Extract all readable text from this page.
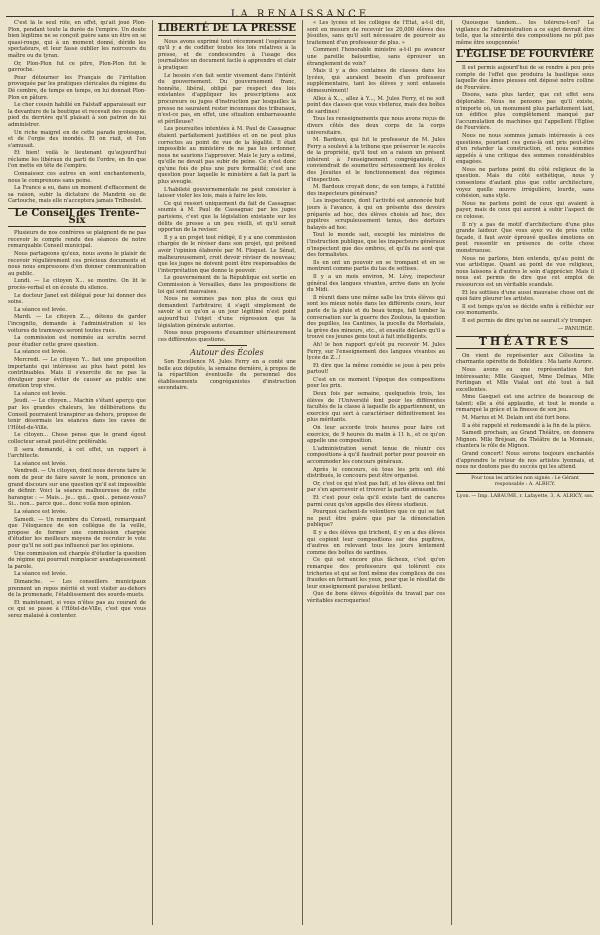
LA RENAISSANCE

C'est là le seul rôle, en effet, qu'ait joué Plon-Plon, pendant toute la durée de l'empire. Un doute bien légitime ne se conçoit guère sans un être en se quasi-rouge, qui à un moment donné, déride les spectateurs, et leur fasse oublier les noirceurs du maître ou du tyran.

Or, Plon-Plon fut ce pitre, Plon-Plon fut le gavroche.

Pour détourner les Français de l'irritation provoquée par les pratiques cléricales du régime du Dé cembre, de temps en temps, on lui donnait Plon-Plon en pâture.

Le cher cousin habillé en Falstaff apparaissait sur la devanture de la boutique et recevait des coups de pied du derrière qu'il plaisait à son patron de lui administrer.

Un riche maigrel en de cette parade grotesque, et de l'orgie des inondés. Et on riait, et l'on s'amusait.

Et bien! voilà le lieutenant qu'aujourd'hui réclame les libéraux du parti de l'ordre, en fin que l'on mette en tête de l'empire.

Connaissez ces autres en sont enchantements, nous le comprenons sans peine.

La France a eu, dans un moment d'effacement de sa raison, subir la dictature de Mandrin ou de Cartouche, mais elle n'acceptera jamais Trilboulet.

Le Conseil des Trente-Six

Plusieurs de nos confrères se plaignent de ne pas recevoir le compte rendu des séances de notre remarquable Conseil municipal.

Nous partageons qu'eux, nous avons le plaisir de recevoir régulièrement ces précieux documents et nous nous empressons d'en donner communication au public.

Lundi. — Le citoyen X... se montre. On lit le procès-verbal et on écoute du silence.

Le docteur Janet est délégué pour lui donner des soins.

La séance est levée.

Mardi. — Le citoyen Z..., détenu de garder l'incognito, demande à l'administration si les voitures de tramways seront toutes rues.

La commission est nommée au scrutin secret pour étudier cette grave question.

La séance est levée.

Mercredi. — Le citoyen Y... fait une proposition importante qui intéresse au plus haut point les contribuables. Mais il s'exercite de ne pas la divulguer pour éviter de causer au public une émotion trop vive.

La séance est levée.

Jeudi. — Le citoyen... Machin s'étant aperçu que par les grandes chaleurs, les délibérations du Conseil pourraient transpirer au dehors, propose de tenir désormais les séances dans les caves de l'Hôtel-de-Ville.

Le citoyen... Chose pense que le grand égout collecteur serait peut-être préférable.

Il sera demandé, à cet effet, un rapport à l'architecte.

La séance est levée.

Vendredi. — Un citoyen, dont nous devons taire le nom de peur de faire savoir le nom, prononce un grand discours sur une question qu'il est impossible de définir. Voici la séance malheureuse de cette harangue : — Mais... je... qui... quoi... pensez-vous? Si... non... parce que... donc voilà mon opinion.

La séance est levée.

Samedi. — Un membre du Conseil, remarquant que l'éloquence de son collègue de la veille, propose de former une commission chargée d'étudier les meilleurs moyens de recruter le vote pour qu'il ne soit pas influencé par les opinions.

Une commission est chargée d'étudier la question de régime qui pourrait remplacer avantageusement la parole.

La séance est levée.

Dimanche. — Les conseillers municipaux prennent un repos mérité et vont visiter au-dehors de la promenade, l'établissement des sourds-muets.

Et maintenant, si vous n'êtes pas au courant de ce qui se passe à l'Hôtel-de-Ville, c'est que vous serez malaisé à contenter.

LIBERTÉ DE LA PRESSE

Nous avons exprimé tout récemment l'espérance qu'il y a de codifier toutes les lois relatives à la presse, et de condescendre à l'usage des journalistes un document facile à apprendre et clair à pratiquer.

Le besoin s'en fait sentir vivement dans l'intérêt du gouvernement. Du gouvernement franc, honnête, libéral, obligé par respect des lois existantes d'appliquer les prescriptions aux procureurs ou juges d'instruction par lesquelles la presse ne sauraient rester inconnues des tribunaux, n'est-ce pas, en effet, une situation embarrassante et périlleuse?

Les poursuites intentées à M. Paul de Cassagnac étaient parfaitement justifiées et on ne peut plus correctes au point de vue de la légalité. Il était impossible au ministère de ne pas les ordonner, nous ne saurions l'approuver. Mais le jury a estimé, qu'elle ne devait pas subir de peine. Ce n'est donc qu'une fois de plus une pure formalité; c'est une question pour laquelle le ministère a fait la part la plus aveugle.

L'habileté gouvernementale ne peut consister à laisser violer les lois, mais à faire les lois.

Ce qui ressort uniquement du fait de Cassagnac soumis à M. Paul de Cassagnac par les juges parisiens, c'est que la législation existante sur les délits de presse a un peu vieilli, et qu'il serait opportun de la reviser.

Il y a un projet tout rédigé, il y a une commission chargée de le réviser dans son projet, qui prétend avoir l'opinion élaborée par M. Floquet. Le Sénat, malheureusement, croit devoir réviser de nouveau; que les juges ne doivent point être responsables de l'interprétation que donne le pouvoir.

Le gouvernement de la République est sortie en Commission à Versailles, dans les propositions de loi qui sont mauvaises.

Nous ne sommes pas non plus de ceux qui demandent l'arbitraire; il s'agit simplement de savoir si ce qu'on a un jour légitimé n'est point aujourd'hui l'objet d'une répression que la législation générale autorise.

Nous nous proposons d'examiner ultérieurement ces différentes questions.

Autour des Écoles

Son Excellence M. Jules Ferry en a conté une belle aux députés, la semaine dernière, à propos de la répartition éventuelle du personnel des établissements congréganistes d'instruction secondaire.

« Les lycées et les collèges de l'État, a-t-il dit, sont en mesure de recevoir les 20,000 élèves des Jésuites, sans qu'il soit nécessaire de pourvoir au traitement d'un professeur de plus. »

Comment l'honorable ministre a-t-il pu avancer une pareille balourdise, sans éprouver un étranglement de voix?

Mais il y a des centaines de classes dans les lycées, qui auraient besoin d'un professeur supplémentaire, tant les élèves y sont entassés démesurément!

Allez à X..., allez à Y..., M. Jules Ferry, et ne soit point des classes que vous visiterez, mais des boîtes de sardines!

Tous les renseignements que nous avons reçus de divers côtés des deux corps de la corps universitaire.

M. Bardoux, qui fut le professeur de M. Jules Ferry a soulevé à la tribune que préserver le succès de la propriété, qu'il tout en a raison un présent inhérent à l'enseignement congréganiste, il conviendrait de soumettre sérieusement les écoles des Jésuites et le fonctionnement des régimes d'inspection.

M. Bardoux croyait donc, de son temps, à l'utilité des inspecteurs généraux?

Les inspecteurs, dont l'activité est annoncée huit jours à l'avance, à qui on présente des devoirs préparés ad hoc, des élèves choisis ad hoc, des pupitres scrupuleusement tenus, des dortoirs balayés ad hoc.

Tout le monde sait, excepté les ministres de l'instruction publique, que les inspecteurs généraux n'inspectent que des ombres, et qu'ils ne sont que des formalistes.

Ils en ont un pouvoir en se trompant et en se montrent comme partis du tas de sottises.

Il y a un mois environ, M. Lévy, inspecteur général des langues vivantes, arrive dans un lycée du Midi.

Il réunit dans une même salle les trois élèves qui sont les mieux notés dans les différents cours, leur parle de la pluie et du beau temps, fait tomber la conversation sur la guerre des Zoulous, la question des pupilles, les Cantines, la pucelle du Morhalais, la grève des mineurs, etc., et ensuite déclare qu'il a trouvé ces jeunes gens tout à fait intelligents.

Ah! le bon rapport qu'eût pu recevoir M. Jules Ferry, sur l'enseignement des langues vivantes au lycée de Z...!

Et dire que la même comédie se joue à peu près partout!

C'est en ce moment l'époque des compositions pour les prix.

Deux fois par semaine, quelquefois trois, les élèves de l'Université font pour les différentes facultés de la classe à laquelle ils appartiennent, un exercice qui sert à caractériser définitivement les plus méritants.

On leur accorde trois heures pour faire cet exercice, de 9 heures du matin à 11 h., et ce qu'on appelle une composition.

L'administration serait tenue de réunir ces compositions à qu'il faudrait porter pour pouvoir en accommoder les concours généraux.

Après le concours, où tous les prix ont été distribués, le concours peut être organisé.

Or, c'est ce qui n'est pas fait, et les élèves ont fini par s'en apercevoir et trouver la partie amusante.

Et c'est pour cela qu'il existe tant de cancres parmi ceux qu'on appelle des élèves studieux.

Pourquoi cachent-ils volontiers que ce qui se fait ne peut être guère que par la dénonciation publique?

Il y a des élèves qui trichent, il y en a des élèves qui copient leur compositions sur des pupitres, d'autres en relevant tous les jours lentement comme des boîtes de sardines.

Ce qui est encore plus fâcheux, c'est qu'on remarque des professeurs qui tolèrent ces tricheries et qui se font même des complices de ces fraudes en fermant les yeux, pour que le résultat de leur enseignement paraisse brillant.

Que de bons élèves dégoûtés du travail par ces véritables escroqueries!

Quousque tandem... les tolérera-t-on? La vigilance de l'administration a ce sujet devrait être telle, que la sincérité des compositions ne pût pas même être soupçonnée!

L'ÉGLISE DE FOURVIÈRE

Il est permis aujourd'hui de se rendre à peu près compte de l'effet que produira la basilique sous laquelle des âmes pieuses ont déposé notre colline de Fourvière.

Disons, sans plus tarder, que cet effet sera déplorable. Nous ne pensons pas qu'il existe, n'importe où, un monument plus parfaitement laid, un édifice plus complètement manqué par l'accumulation de machines qui l'appellent l'Église de Fourvière.

Nous ne nous sommes jamais intéressés à ces questions, pourtant ces gens-là ont pris peut-être d'en retarder la construction, et nous sommes appelés à une critique des sommes considérables engagées.

Nous ne parlons point du côté religieux de la question. Mais du côté esthétique, nous y consentons d'autant plus que cette architecture, voyez quelle œuvre irrégulière, lourde, sans cohésion, sans style.

Nous ne parlons point de ceux qui avaient à payer, mais de ceux qui auront à subir l'aspect de ce colosse.

Il n'y a pas de motif d'architecture d'une plus grande laideur. Que vous ayez vu de près cette façade, il faut avoir éprouvé quelles émotions on peut ressentir en présence de cette chose monstrueuse.

Nous ne parlons, bien entendu, qu'au point de vue artistique. Quant au point de vue religieux, nous laissons à d'autres le soin d'apprécier. Mais il nous est permis de dire que cet emploi de ressources est un véritable scandale.

Et les sottises d'une aussi mauvaise chose ont de quoi faire pleurer les artistes.

Il est temps qu'on se décide enfin à réfléchir sur ces monuments.

Il est permis de dire qu'on ne saurait s'y tromper.

— PANURGE.
THÉATRES

On vient de représenter aux Célestins la charmante opérette de Boïeldieu : Ma tante Aurore.

Nous avons eu une représentation fort intéressante; Mlle Gasquet, Mme Delmas, Mlle Ferlingan et Mlle Vialat ont été tout à fait excellentes.

Mme Gasquet est une actrice de beaucoup de talent; elle a été applaudie, et tout le monde a remarqué la grâce et la finesse de son jeu.

M. Marius et M. Delain ont été fort bons.

Il a été rappelé et redemandé à la fin de la pièce.

Samedi prochain, au Grand Théâtre, on donnera Mignon. Mlle Bréjean, du Théâtre de la Monnaie, chantera le rôle de Mignon.

Grand concert! Nous serons toujours enchantés d'apprendre le retour de nos artistes lyonnais, et nous ne doutons pas du succès qui les attend.

Pour tous les articles non signés : Le Gérant responsable : A. ALRICY.
Lyon. — Imp. LABAUME, r. Lafayette, 3, A. ALRICY, sss.
